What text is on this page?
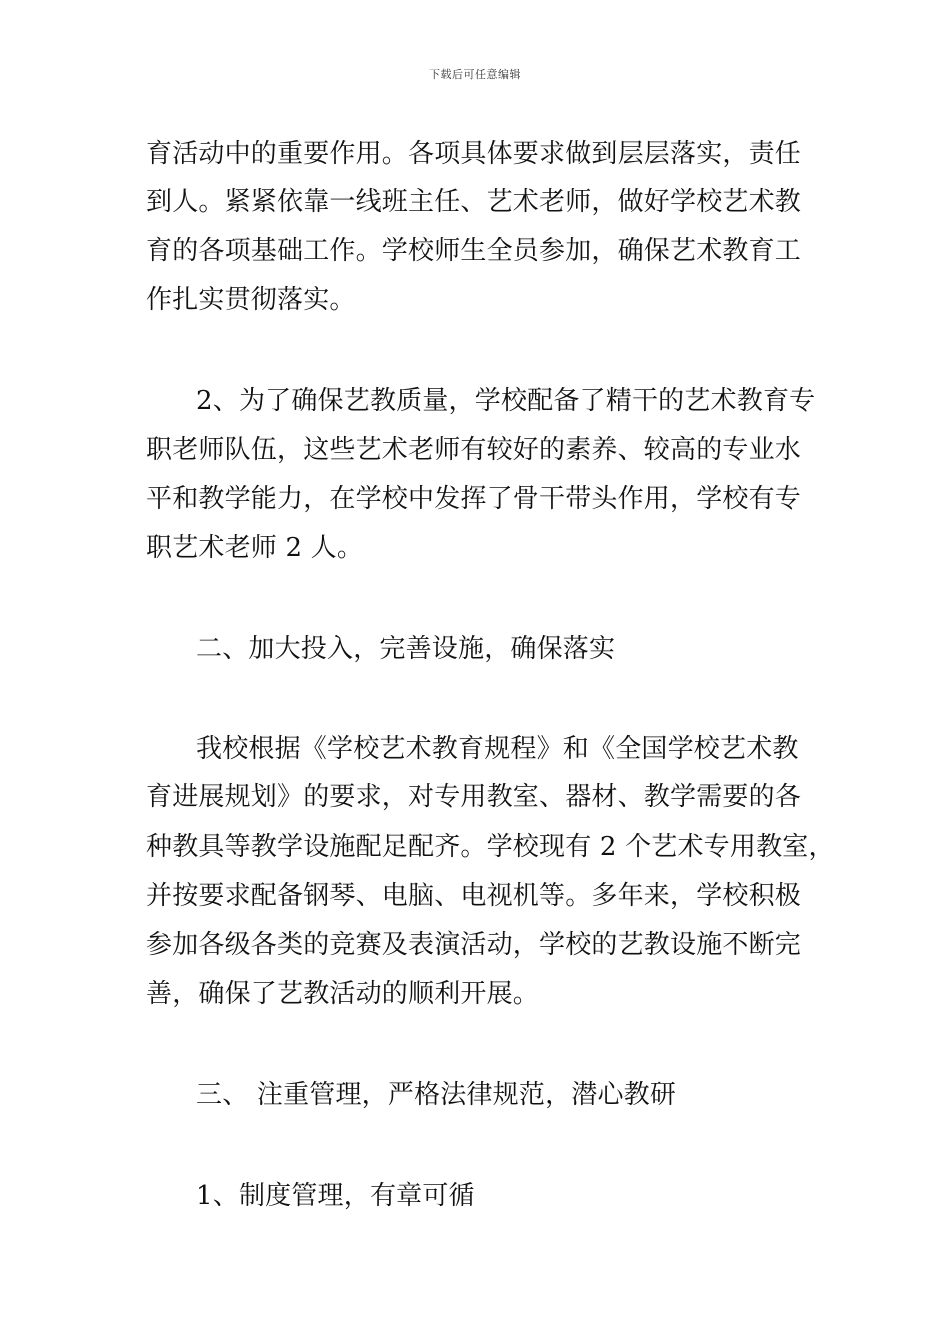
下载后可任意编辑
育活动中的重要作用。各项具体要求做到层层落实，责任
到人。紧紧依靠一线班主任、艺术老师，做好学校艺术教
育的各项基础工作。学校师生全员参加，确保艺术教育工
作扎实贯彻落实。
2、为了确保艺教质量，学校配备了精干的艺术教育专
职老师队伍，这些艺术老师有较好的素养、较高的专业水
平和教学能力，在学校中发挥了骨干带头作用，学校有专
职艺术老师 2 人。
二、加大投入，完善设施，确保落实
我校根据《学校艺术教育规程》和《全国学校艺术教
育进展规划》的要求，对专用教室、器材、教学需要的各
种教具等教学设施配足配齐。学校现有 2 个艺术专用教室，
并按要求配备钢琴、电脑、电视机等。多年来，学校积极
参加各级各类的竞赛及表演活动，学校的艺教设施不断完
善，确保了艺教活动的顺利开展。
三、 注重管理，严格法律规范，潜心教研
1、制度管理，有章可循
